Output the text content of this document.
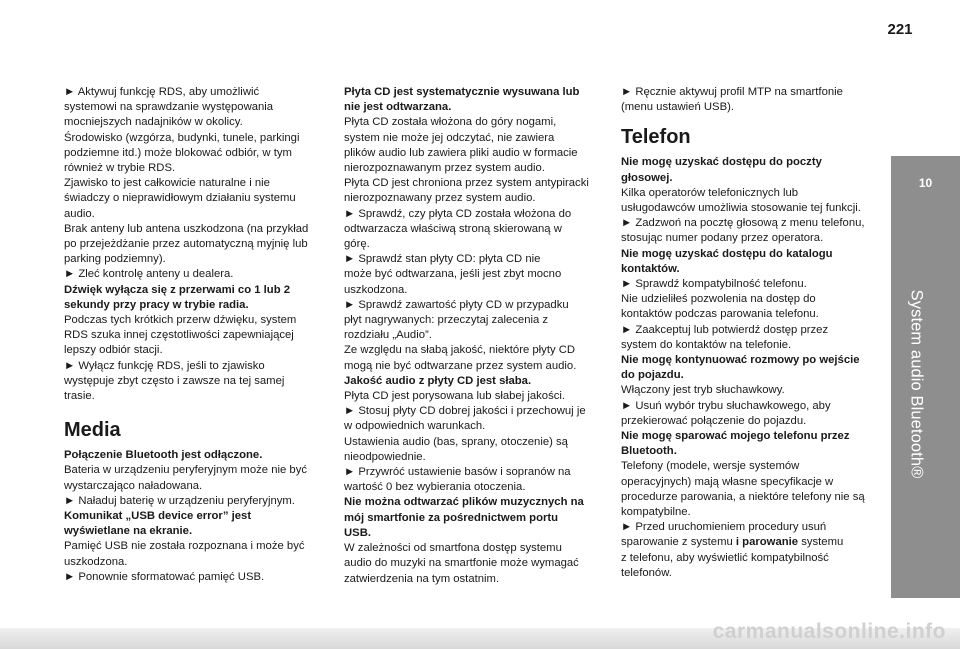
221
10
System audio Bluetooth®

► Aktywuj funkcję RDS, aby umożliwić

systemowi na sprawdzanie występowania

mocniejszych nadajników w okolicy.

Środowisko (wzgórza, budynki, tunele, parkingi

podziemne itd.) może blokować odbiór, w tym

również w trybie RDS.

Zjawisko to jest całkowicie naturalne i nie

świadczy o nieprawidłowym działaniu systemu

audio.

Brak anteny lub antena uszkodzona (na przykład

po przejeżdżanie przez automatyczną myjnię lub

parking podziemny).

► Zleć kontrolę anteny u dealera.

Dźwięk wyłącza się z przerwami co 1 lub 2

sekundy przy pracy w trybie radia.

Podczas tych krótkich przerw dźwięku, system

RDS szuka innej częstotliwości zapewniającej

lepszy odbiór stacji.

► Wyłącz funkcję RDS, jeśli to zjawisko

występuje zbyt często i zawsze na tej samej

trasie.

Media

Połączenie Bluetooth jest odłączone.

Bateria w urządzeniu peryferyjnym może nie być

wystarczająco naładowana.

► Naładuj baterię w urządzeniu peryferyjnym.

Komunikat „USB device error” jest

wyświetlane na ekranie.

Pamięć USB nie została rozpoznana i może być

uszkodzona.

► Ponownie sformatować pamięć USB.

Płyta CD jest systematycznie wysuwana lub

nie jest odtwarzana.

Płyta CD została włożona do góry nogami,

system nie może jej odczytać, nie zawiera

plików audio lub zawiera pliki audio w formacie

nierozpoznawanym przez system audio.

Płyta CD jest chroniona przez system antypiracki

nierozpoznawany przez system audio.

► Sprawdź, czy płyta CD została włożona do

odtwarzacza właściwą stroną skierowaną w

górę.

► Sprawdź stan płyty CD: płyta CD nie

może być odtwarzana, jeśli jest zbyt mocno

uszkodzona.

► Sprawdź zawartość płyty CD w przypadku

płyt nagrywanych: przeczytaj zalecenia z

rozdziału „Audio”.

Ze względu na słabą jakość, niektóre płyty CD

mogą nie być odtwarzane przez system audio.

Jakość audio z płyty CD jest słaba.

Płyta CD jest porysowana lub słabej jakości.

► Stosuj płyty CD dobrej jakości i przechowuj je

w odpowiednich warunkach.

Ustawienia audio (bas, sprany, otoczenie) są

nieodpowiednie.

► Przywróć ustawienie basów i sopranów na

wartość 0 bez wybierania otoczenia.

Nie można odtwarzać plików muzycznych na

mój smartfonie za pośrednictwem portu

USB.

W zależności od smartfona dostęp systemu

audio do muzyki na smartfonie może wymagać

zatwierdzenia na tym ostatnim.

► Ręcznie aktywuj profil MTP na smartfonie

(menu ustawień USB).

Telefon

Nie mogę uzyskać dostępu do poczty

głosowej.

Kilka operatorów telefonicznych lub

usługodawców umożliwia stosowanie tej funkcji.

► Zadzwoń na pocztę głosową z menu telefonu,

stosując numer podany przez operatora.

Nie mogę uzyskać dostępu do katalogu

kontaktów.

► Sprawdź kompatybilność telefonu.

Nie udzieliłeś pozwolenia na dostęp do

kontaktów podczas parowania telefonu.

► Zaakceptuj lub potwierdź dostęp przez

system do kontaktów na telefonie.

Nie mogę kontynuować rozmowy po wejście

do pojazdu.

Włączony jest tryb słuchawkowy.

► Usuń wybór trybu słuchawkowego, aby

przekierować połączenie do pojazdu.

Nie mogę sparować mojego telefonu przez

Bluetooth.

Telefony (modele, wersje systemów

operacyjnych) mają własne specyfikacje w

procedurze parowania, a niektóre telefony nie są

kompatybilne.

► Przed uruchomieniem procedury usuń

sparowanie z systemu i parowanie systemu

z telefonu, aby wyświetlić kompatybilność

telefonów.

carmanualsonline.info
